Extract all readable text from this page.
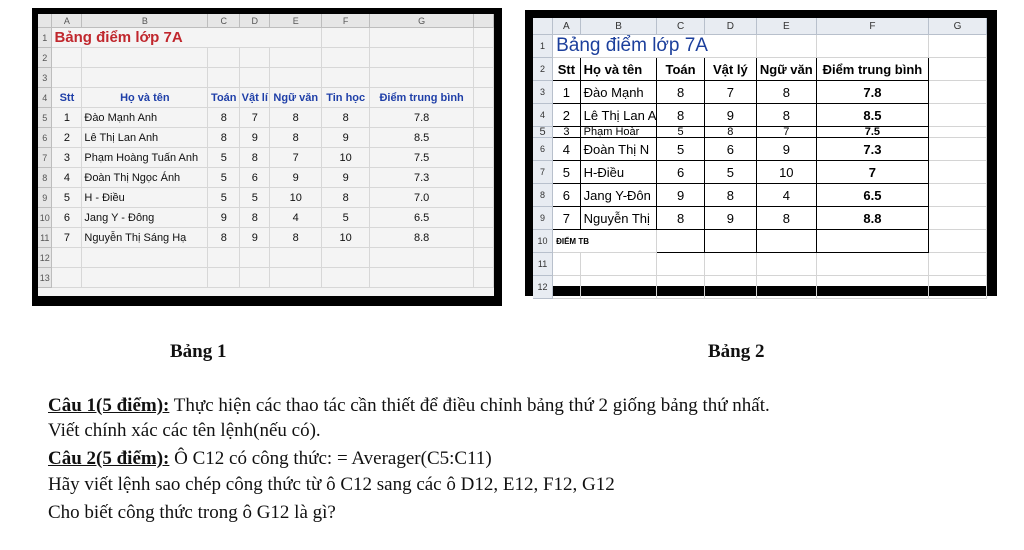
	A	B	C	D	E	F	G	
1	Bảng điểm lớp 7A							
2								
3								
4	Stt	Họ và tên	Toán	Vật lí	Ngữ văn	Tin học	Điểm trung bình	
5	1	Đào Mạnh Anh	8	7	8	8	7.8	
6	2	Lê Thị Lan Anh	8	9	8	9	8.5	
7	3	Phạm Hoàng Tuấn Anh	5	8	7	10	7.5	
8	4	Đoàn Thị Ngọc Ánh	5	6	9	9	7.3	
9	5	H - Điều	5	5	10	8	7.0	
10	6	Jang Y - Đông	9	8	4	5	6.5	
11	7	Nguyễn Thị Sáng Hạ	8	9	8	10	8.8	
12								
13								
	A	B	C	D	E	F	G
1	Bảng điểm lớp 7A						
2	Stt	Họ và tên	Toán	Vật lý	Ngữ văn	Điểm trung bình	
3	1	Đào Mạnh	8	7	8	7.8	
4	2	Lê Thị Lan A	8	9	8	8.5	
5	3	Phạm Hoàr	5	8	7	7.5	
6	4	Đoàn Thị N	5	6	9	7.3	
7	5	H-Điều	6	5	10	7	
8	6	Jang Y-Đôn	9	8	4	6.5	
9	7	Nguyễn Thị	8	9	8	8.8	
10	ĐIỂM TB						
11							
12							
Bảng 1	Bảng 2
Câu 1(5 điểm): Thực hiện các thao tác cần thiết để điều chỉnh bảng thứ 2 giống bảng thứ nhất.
Viết chính xác các tên lệnh(nếu có).
Câu 2(5 điểm): Ô C12 có công thức: = Averager(C5:C11)
Hãy viết lệnh sao chép công thức từ ô C12 sang các ô D12, E12, F12, G12
Cho biết công thức trong ô G12 là gì?
